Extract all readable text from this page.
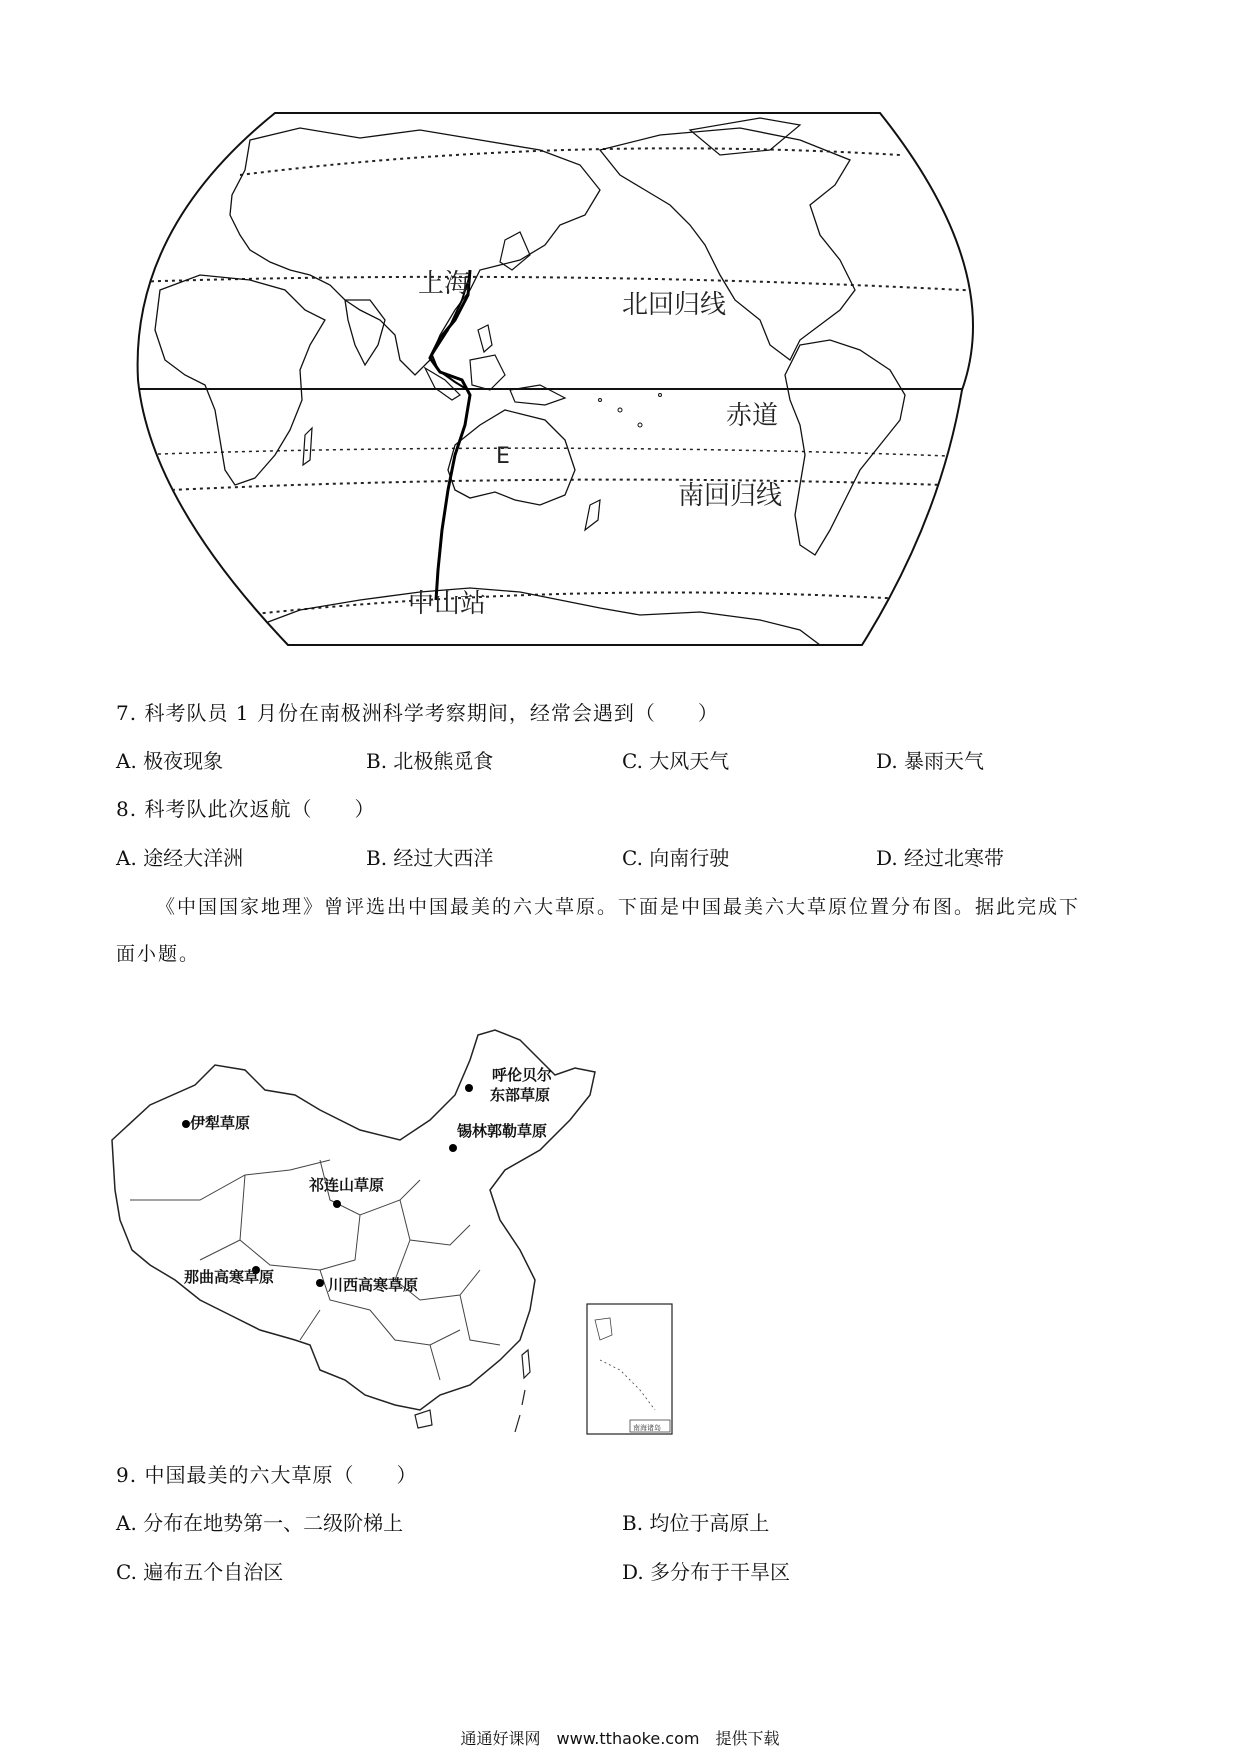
上海
北回归线
赤道
南回归线
中山站
E
7. 科考队员 1 月份在南极洲科学考察期间，经常会遇到（　　）
A. 极夜现象	B. 北极熊觅食	C. 大风天气	D. 暴雨天气
8. 科考队此次返航（　　）
A. 途经大洋洲	B. 经过大西洋	C. 向南行驶	D. 经过北寒带
《中国国家地理》曾评选出中国最美的六大草原。下面是中国最美六大草原位置分布图。据此完成下
面小题。
南海诸岛
呼伦贝尔
东部草原
伊犁草原	锡林郭勒草原
祁连山草原
那曲高寒草原	川西高寒草原
9. 中国最美的六大草原（　　）
A. 分布在地势第一、二级阶梯上	B. 均位于高原上
C. 遍布五个自治区	D. 多分布于干旱区
通通好课网　www.tthaoke.com　提供下载
